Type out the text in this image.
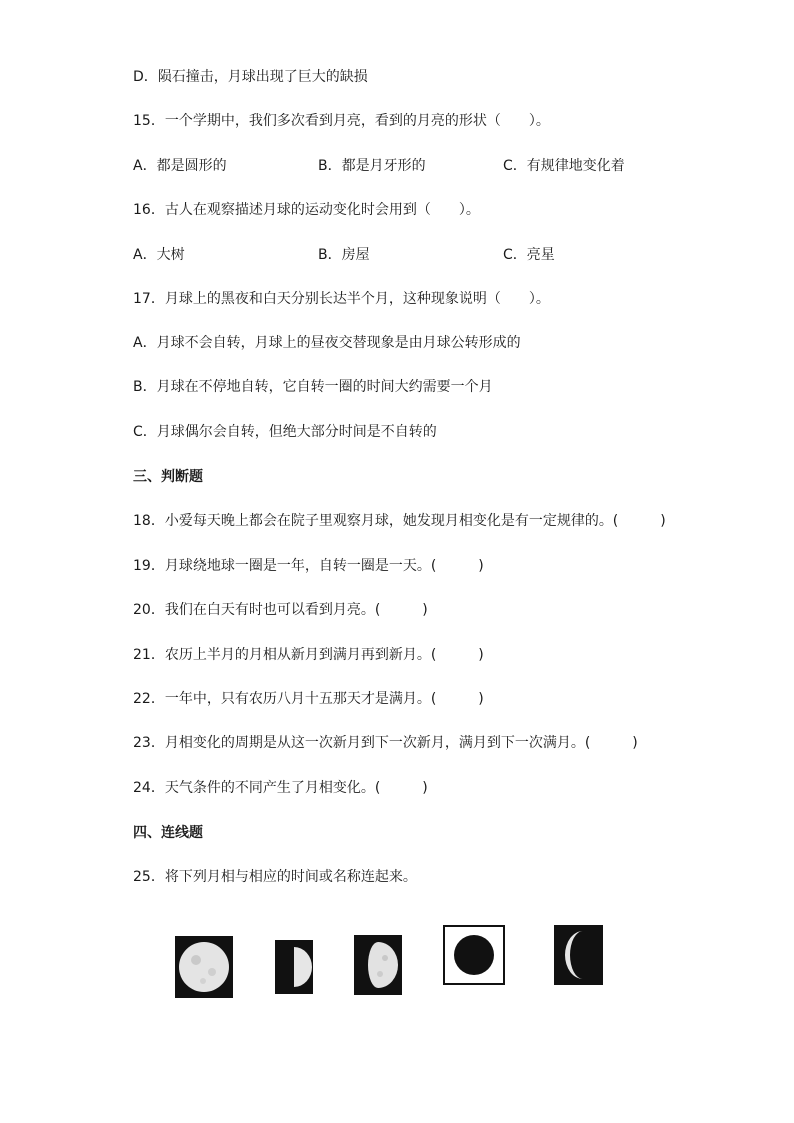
D．陨石撞击，月球出现了巨大的缺损
15．一个学期中，我们多次看到月亮，看到的月亮的形状（　　）。
A．都是圆形的	B．都是月牙形的	C．有规律地变化着
16．古人在观察描述月球的运动变化时会用到（　　）。
A．大树	B．房屋	C．亮星
17．月球上的黑夜和白天分别长达半个月，这种现象说明（　　）。
A．月球不会自转，月球上的昼夜交替现象是由月球公转形成的
B．月球在不停地自转，它自转一圈的时间大约需要一个月
C．月球偶尔会自转，但绝大部分时间是不自转的
三、判断题
18．小爱每天晚上都会在院子里观察月球，她发现月相变化是有一定规律的。(　　　)
19．月球绕地球一圈是一年，自转一圈是一天。(　　　)
20．我们在白天有时也可以看到月亮。(　　　)
21．农历上半月的月相从新月到满月再到新月。(　　　)
22．一年中，只有农历八月十五那天才是满月。(　　　)
23．月相变化的周期是从这一次新月到下一次新月，满月到下一次满月。(　　　)
24．天气条件的不同产生了月相变化。(　　　)
四、连线题
25．将下列月相与相应的时间或名称连起来。
